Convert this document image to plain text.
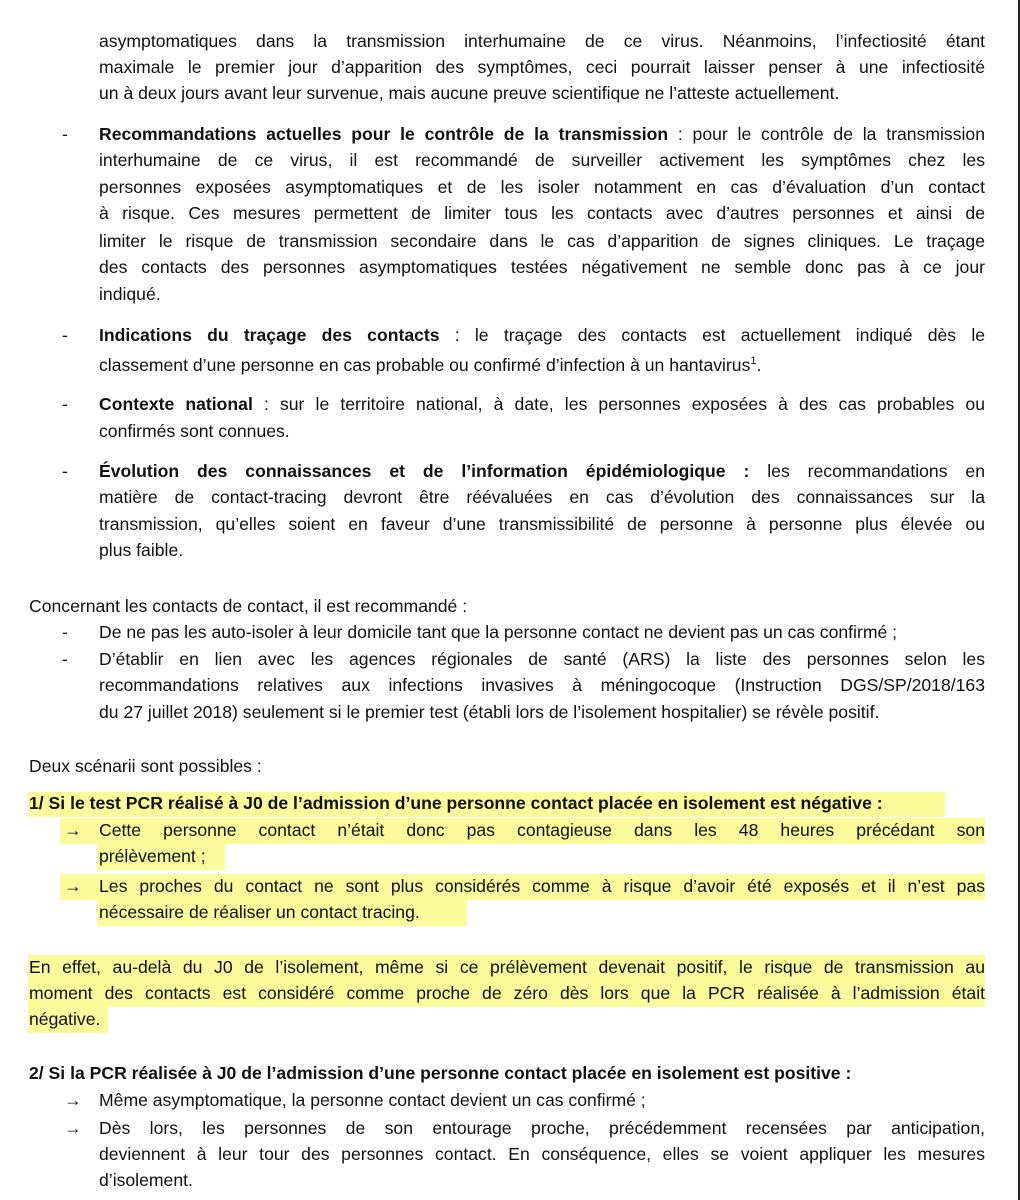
asymptomatiques dans la transmission interhumaine de ce virus. Néanmoins, l’infectiosité étant
maximale le premier jour d’apparition des symptômes, ceci pourrait laisser penser à une infectiosité
un à deux jours avant leur survenue, mais aucune preuve scientifique ne l’atteste actuellement.
- Recommandations actuelles pour le contrôle de la transmission : pour le contrôle de la transmission
interhumaine de ce virus, il est recommandé de surveiller activement les symptômes chez les
personnes exposées asymptomatiques et de les isoler notamment en cas d’évaluation d’un contact
à risque. Ces mesures permettent de limiter tous les contacts avec d’autres personnes et ainsi de
limiter le risque de transmission secondaire dans le cas d’apparition de signes cliniques. Le traçage
des contacts des personnes asymptomatiques testées négativement ne semble donc pas à ce jour
indiqué.
- Indications du traçage des contacts : le traçage des contacts est actuellement indiqué dès le
classement d’une personne en cas probable ou confirmé d’infection à un hantavirus$^1$.
- Contexte national : sur le territoire national, à date, les personnes exposées à des cas probables ou
confirmés sont connues.
- Évolution des connaissances et de l’information épidémiologique : les recommandations en
matière de contact-tracing devront être réévaluées en cas d’évolution des connaissances sur la
transmission, qu’elles soient en faveur d’une transmissibilité de personne à personne plus élevée ou
plus faible.
Concernant les contacts de contact, il est recommandé :
- De ne pas les auto-isoler à leur domicile tant que la personne contact ne devient pas un cas confirmé ;
- D’établir en lien avec les agences régionales de santé (ARS) la liste des personnes selon les
recommandations relatives aux infections invasives à méningocoque (Instruction DGS/SP/2018/163
du 27 juillet 2018) seulement si le premier test (établi lors de l’isolement hospitalier) se révèle positif.
Deux scénarii sont possibles :
1/ Si le test PCR réalisé à J0 de l’admission d’une personne contact placée en isolement est négative :
→ Cette personne contact n’était donc pas contagieuse dans les 48 heures précédant son
prélèvement ;
→ Les proches du contact ne sont plus considérés comme à risque d’avoir été exposés et il n’est pas
nécessaire de réaliser un contact tracing.
En effet, au-delà du J0 de l’isolement, même si ce prélèvement devenait positif, le risque de transmission au
moment des contacts est considéré comme proche de zéro dès lors que la PCR réalisée à l’admission était
négative.
2/ Si la PCR réalisée à J0 de l’admission d’une personne contact placée en isolement est positive :
→ Même asymptomatique, la personne contact devient un cas confirmé ;
→ Dès lors, les personnes de son entourage proche, précédemment recensées par anticipation,
deviennent à leur tour des personnes contact. En conséquence, elles se voient appliquer les mesures
d’isolement.
